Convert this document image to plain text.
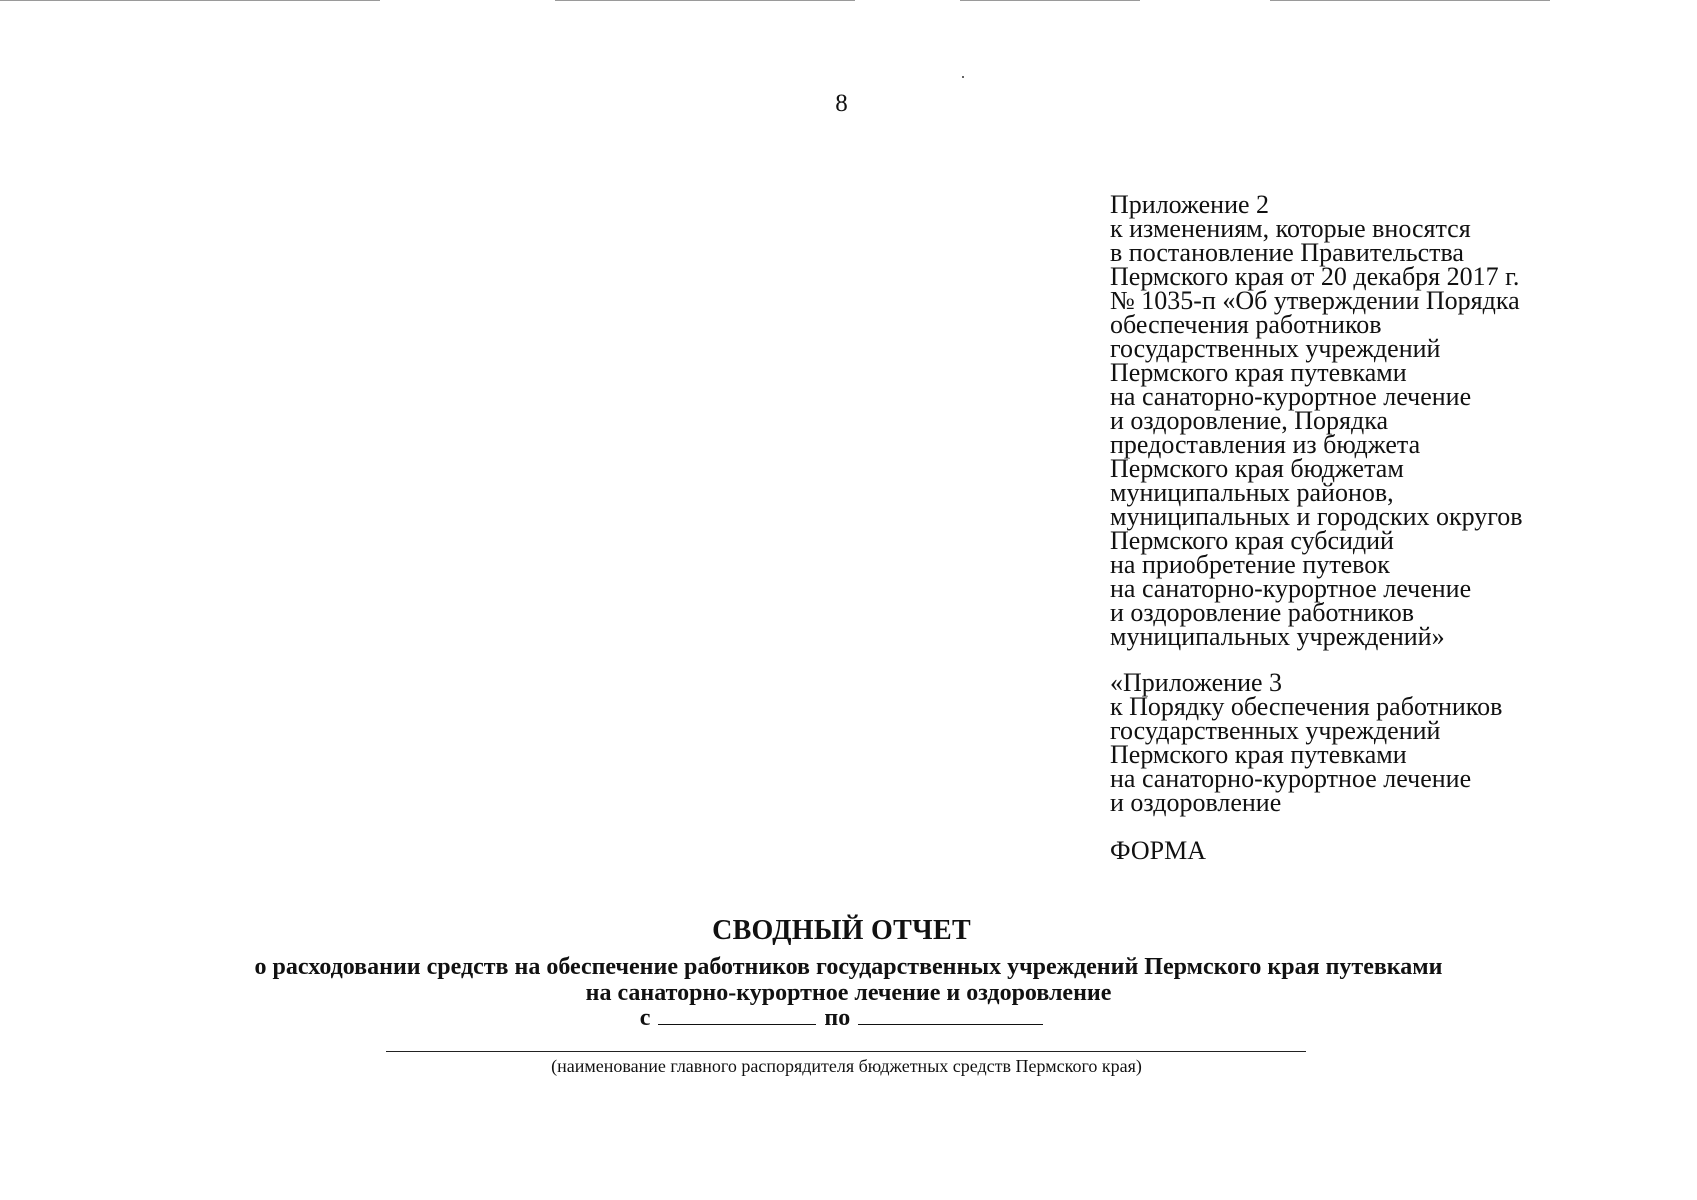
8
Приложение 2
к изменениям, которые вносятся
в постановление Правительства
Пермского края от 20 декабря 2017 г.
№ 1035-п «Об утверждении Порядка
обеспечения работников
государственных учреждений
Пермского края путевками
на санаторно-курортное лечение
и оздоровление, Порядка
предоставления из бюджета
Пермского края бюджетам
муниципальных районов,
муниципальных и городских округов
Пермского края субсидий
на приобретение путевок
на санаторно-курортное лечение
и оздоровление работников
муниципальных учреждений»
«Приложение 3
к Порядку обеспечения работников
государственных учреждений
Пермского края путевками
на санаторно-курортное лечение
и оздоровление
ФОРМА
СВОДНЫЙ ОТЧЕТ
о расходовании средств на обеспечение работников государственных учреждений Пермского края путевками
на санаторно-курортное лечение и оздоровление
с	по
(наименование главного распорядителя бюджетных средств Пермского края)
